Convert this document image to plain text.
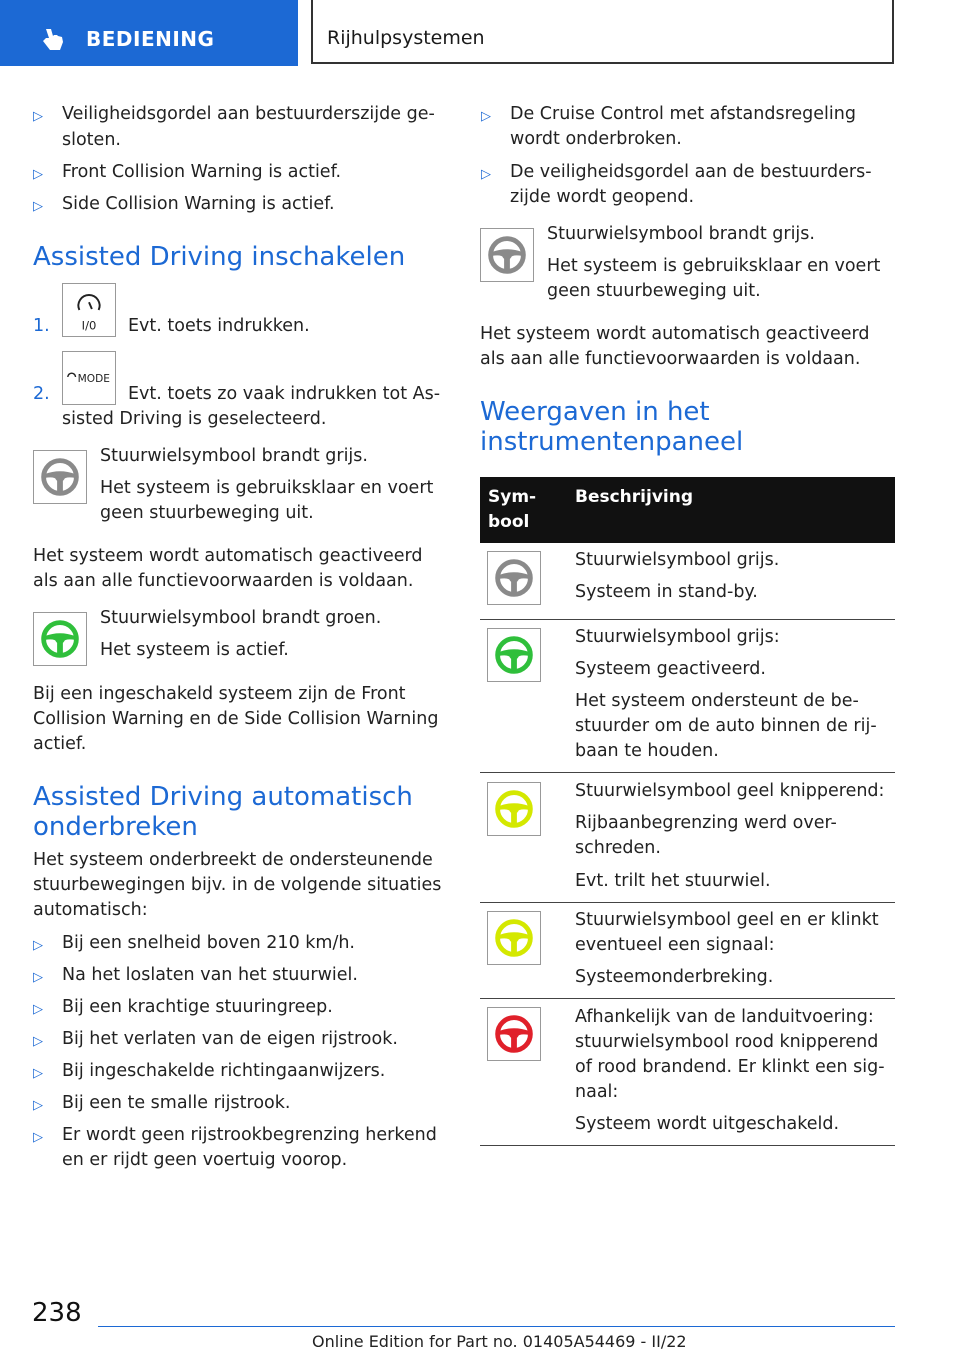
BEDIENING	Rijhulpsystemen
▷ Veiligheidsgordel aan bestuurderszijde ge-

sloten.

▷ Front Collision Warning is actief.

▷ Side Collision Warning is actief.

Assisted Driving inschakelen
1.	I/0 Evt. toets indrukken.

2.
MODE

Evt. toets zo vaak indrukken tot As-

sisted Driving is geselecteerd.

Stuurwielsymbool brandt grijs.

Het systeem is gebruiksklaar en voert

geen stuurbeweging uit.

Het systeem wordt automatisch geactiveerd

als aan alle functievoorwaarden is voldaan.

Stuurwielsymbool brandt groen.

Het systeem is actief.

Bij een ingeschakeld systeem zijn de Front

Collision Warning en de Side Collision Warning

actief.

Assisted Driving automatisch
onderbreken

Het systeem onderbreekt de ondersteunende

stuurbewegingen bijv. in de volgende situaties

automatisch:

▷ Bij een snelheid boven 210 km/h.

▷ Na het loslaten van het stuurwiel.

▷ Bij een krachtige stuuringreep.

▷ Bij het verlaten van de eigen rijstrook.

▷ Bij ingeschakelde richtingaanwijzers.

▷ Bij een te smalle rijstrook.

▷ Er wordt geen rijstrookbegrenzing herkend

en er rijdt geen voertuig voorop.

▷ De Cruise Control met afstandsregeling

wordt onderbroken.

▷ De veiligheidsgordel aan de bestuurders-

zijde wordt geopend.

Stuurwielsymbool brandt grijs.

Het systeem is gebruiksklaar en voert

geen stuurbeweging uit.

Het systeem wordt automatisch geactiveerd

als aan alle functievoorwaarden is voldaan.

Weergaven in het
instrumentenpaneel
Sym-
bool
Beschrijving

Stuurwielsymbool grijs.

Systeem in stand-by.

Stuurwielsymbool grijs:

Systeem geactiveerd.

Het systeem ondersteunt de be-

stuurder om de auto binnen de rij-

baan te houden.

Stuurwielsymbool geel knipperend:

Rijbaanbegrenzing werd over-

schreden.

Evt. trilt het stuurwiel.

Stuurwielsymbool geel en er klinkt

eventueel een signaal:

Systeemonderbreking.

Afhankelijk van de landuitvoering:

stuurwielsymbool rood knipperend

of rood brandend. Er klinkt een sig-

naal:

Systeem wordt uitgeschakeld.

238
Online Edition for Part no. 01405A54469 - II/22
